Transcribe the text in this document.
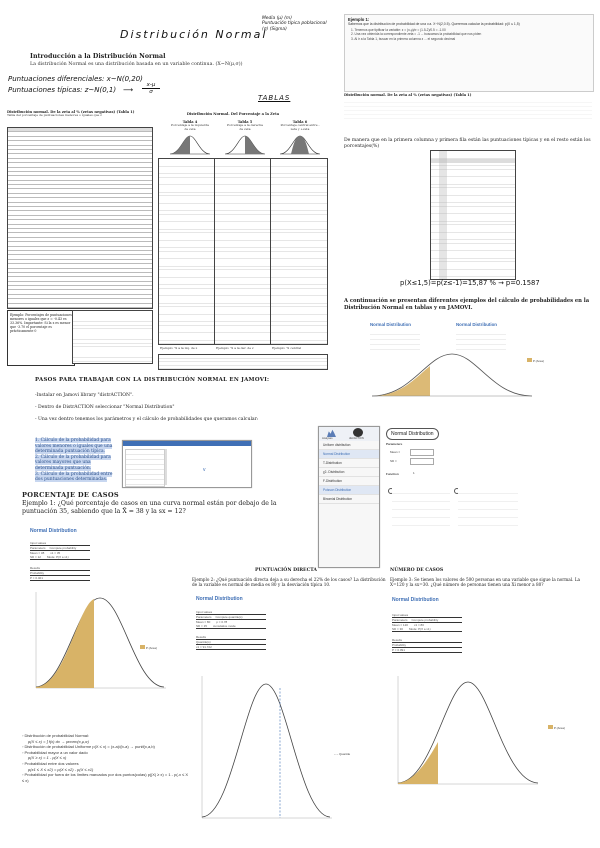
Distribución Normal
Media (μ) (m)
Puntuación típica poblacional
(σ) (Sigma)
Introducción a la Distribución Normal
La distribución Normal es una distribución basada en un variable continua. (X~N(μ,σ))
Puntuaciones diferenciales: x~N(0,20)
Puntuaciones típicas: z~N(0,1) ⟶ $\frac{x-\mu}{\sigma}$
TABLAS
Distribución normal. De la zeta al % (zetas negativas) (Tabla 1)
Tabla del porcentaje de puntuaciones menores o iguales que z
Ejemplo: Porcentajes de puntuaciones menores o iguales que z = -0.43 es 33.36%. Importante: Si la z es menor que -3.70 el porcentaje es prácticamente 0
Distribución Normal. Del Porcentaje a la Zeta
Tabla 4
Porcentaje a la izquierda de zeta
Tabla 5
Porcentaje a la derecha de zeta
Tabla 6
Porcentaje central entre -zeta y +zeta
Ejemplo: % a la izq. de z	Ejemplo: % a la der. de z	Ejemplo: % central
Ejemplo 1:
Sabemos que la distribución de probabilidad de una v.a. X~N(2,0.5). Queremos calcular la probabilidad: p(X ≤ 1,5)
1. Tenemos que tipificar la variable: z = (x-μ)/σ = (1.5-2)/0.5 = -1.00
2. Una vez obtenida la correspondiente zeta = -1 ... buscamos la probabilidad que nos piden
3. Al ir a la Tabla 1, buscar en la primera columna z ... el segundo decimal
Distribución normal. De la zeta al % (zetas negativas) (Tabla 1)
De manera que en la primera columna y primera fila están las puntuaciones típicas y en el resto están los porcentajes(%)
p(X≤1,5)=p(z≤-1)=15,87 % → p=0.1587
A continuación se presentan diferentes ejemplos del cálculo de probabilidades en la Distribución Normal en tablas y en JAMOVI.
Normal Distribution	Normal Distribution
P (Area)
PASOS PARA TRABAJAR CON LA DISTRIBUCIÓN NORMAL EN JAMOVI:
-Instalar en Jamovi library "distrACTION".
- Dentro de DistrACTION seleccionar "Normal Distribution"
- Una vez dentro tenemos los parámetros y el cálculo de probabilidades que queramos calcular:
1. Cálculo de la probabilidad para valores menores o iguales que una determinada puntuación típica.
2. Cálculo de la probabilidad para valores mayores que una determinada puntuación.
3. Cálculo de la probabilidad entre dos puntuaciones determinadas.
v
Analyses	distrACTION
Uniform distribution
Normal Distribution
T-Distribution
χ2- Distribution
F-Distribution
Poisson Distribution
Binomial Distribution
Normal Distribution
Parameters
Mean =
SD =
1
Function
PORCENTAJE DE CASOS
Ejemplo 1: ¿Qué porcentaje de casos en una curva normal están por debajo de la puntuación 35, sabiendo que la X̄ = 38 y la sx = 12?
Normal Distribution
Input values
Parameters Compute probability
Mean = 38 x1 = 35
SD = 12 Mode: P(X ≤ x1)
Results
Probability
P = 0.401
P (Area)
◦ Distribución de probabilidad Normal:
p(X ≤ x) = ∫ f(x) dx → pnorm(x,μ,σ)
◦ Distribución de probabilidad Uniforme p(X ≤ x) = (x-a)/(b-a) → punif(x,a,b)
◦ Probabilidad mayor a un valor dado
p(X ≥ x) = 1 - p(X ≤ x)
◦ Probabilidad entre dos valores
p(x1 ≤ X ≤ x2) = p(X ≤ x2) - p(X ≤ x1)
◦ Probabilidad por fuera de los límites marcados por dos puntos(colas) p(|X| ≥ x) = 1 - p(-x ≤ X ≤ x)
PUNTUACIÓN DIRECTA
Ejemplo 2: ¿Qué puntuación directa deja a su derecha el 22% de los casos? La distribución de la variable es normal de media es 80 y la desviación típica 10.
Normal Distribution
Input values
Parameters Compute quantile(s)
Mean = 80 p = 0.78
SD = 15 cumulative mode
Results
Quantile(s)
x1 = 91.722
– – Quantile
NÚMERO DE CASOS
Ejemplo 3: Se tienen los valores de 500 personas en una variable que sigue la normal. La X=120 y la sx=30. ¿Qué número de personas tienen una Xi menor a 80?
Normal Distribution
Input values
Parameters Compute probability
Mean = 120 x1 = 80
SD = 30 Mode: P(X ≤ x1)
Results
Probability
P = 0.091
P (Area)
